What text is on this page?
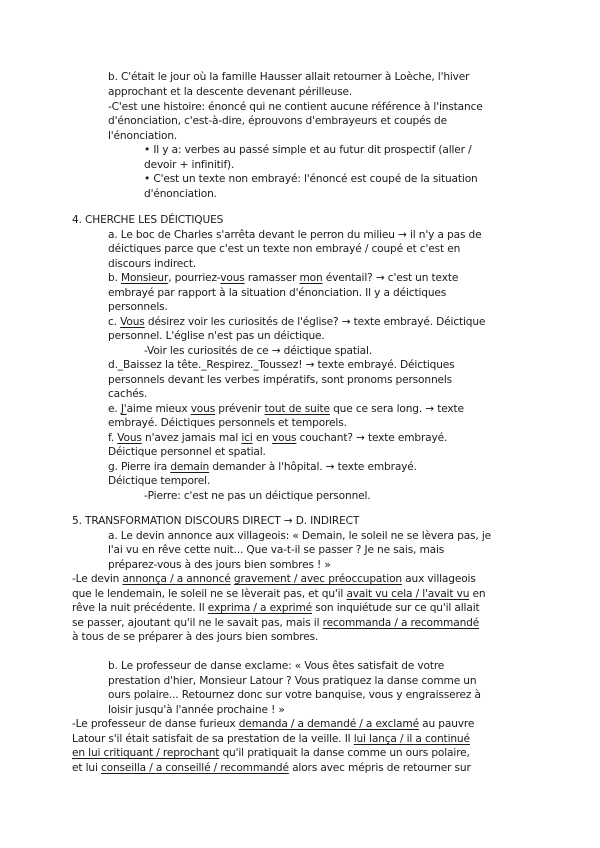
b. C'était le jour où la famille Hausser allait retourner à Loèche, l'hiver
approchant et la descente devenant périlleuse.
-C'est une histoire: énoncé qui ne contient aucune référence à l'instance
d'énonciation, c'est-à-dire, éprouvons d'embrayeurs et coupés de
l'énonciation.
• Il y a: verbes au passé simple et au futur dit prospectif (aller /
devoir + infinitif).
• C'est un texte non embrayé: l'énoncé est coupé de la situation
d'énonciation.
4. CHERCHE LES DÉICTIQUES
a. Le boc de Charles s'arrêta devant le perron du milieu → il n'y a pas de
déictiques parce que c'est un texte non embrayé / coupé et c'est en
discours indirect.
b. Monsieur, pourriez-vous ramasser mon éventail? → c'est un texte
embrayé par rapport à la situation d'énonciation. Il y a déictiques
personnels.
c. Vous désirez voir les curiosités de l'église? → texte embrayé. Déictique
personnel. L'église n'est pas un déictique.
-Voir les curiosités de ce → déictique spatial.
d._Baissez la tête._Respirez._Toussez! → texte embrayé. Déictiques
personnels devant les verbes impératifs, sont pronoms personnels
cachés.
e. J'aime mieux vous prévenir tout de suite que ce sera long. → texte
embrayé. Déictiques personnels et temporels.
f. Vous n'avez jamais mal ici en vous couchant? → texte embrayé.
Déictique personnel et spatial.
g. Pierre ira demain demander à l'hôpital. → texte embrayé.
Déictique temporel.
-Pierre: c'est ne pas un déictique personnel.
5. TRANSFORMATION DISCOURS DIRECT → D. INDIRECT
a. Le devin annonce aux villageois: « Demain, le soleil ne se lèvera pas, je
l'ai vu en rêve cette nuit... Que va-t-il se passer ? Je ne sais, mais
préparez-vous à des jours bien sombres ! »
-Le devin annonça / a annoncé gravement / avec préoccupation aux villageois
que le lendemain, le soleil ne se lèverait pas, et qu'il avait vu cela / l'avait vu en
rêve la nuit précédente. Il exprima / a exprimé son inquiétude sur ce qu'il allait
se passer, ajoutant qu'il ne le savait pas, mais il recommanda / a recommandé
à tous de se préparer à des jours bien sombres.
b. Le professeur de danse exclame: « Vous êtes satisfait de votre
prestation d'hier, Monsieur Latour ? Vous pratiquez la danse comme un
ours polaire... Retournez donc sur votre banquise, vous y engraisserez à
loisir jusqu'à l'année prochaine ! »
-Le professeur de danse furieux demanda / a demandé / a exclamé au pauvre
Latour s'il était satisfait de sa prestation de la veille. Il lui lança / il a continué
en lui critiquant / reprochant qu'il pratiquait la danse comme un ours polaire,
et lui conseilla / a conseillé / recommandé alors avec mépris de retourner sur
